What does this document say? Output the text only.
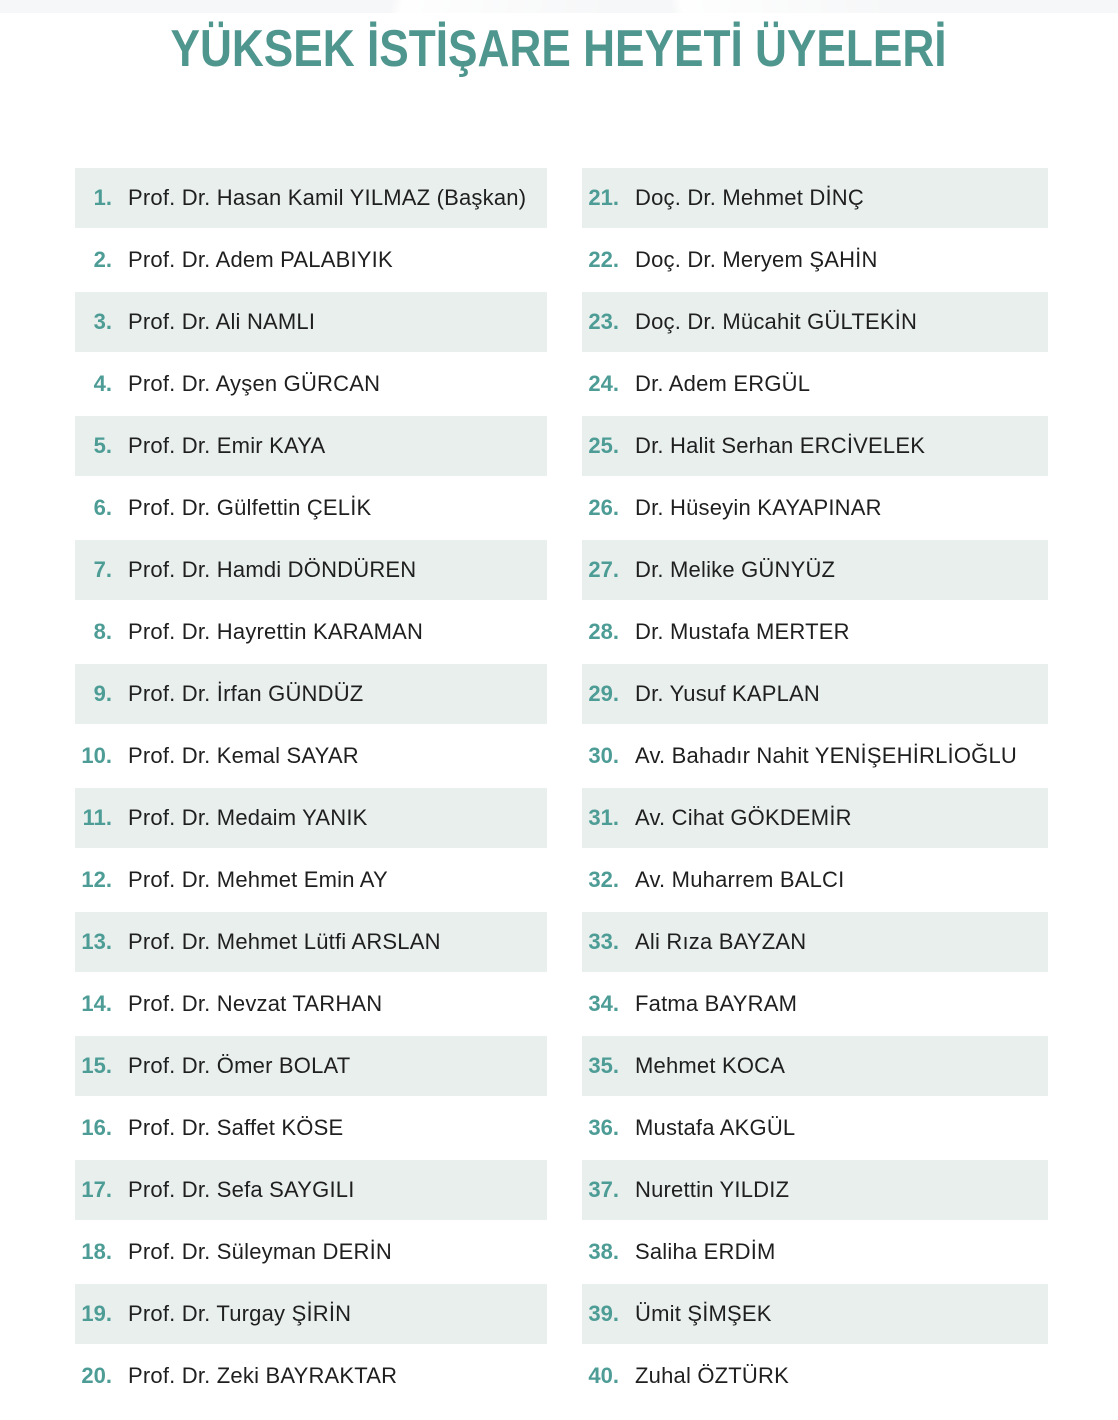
YÜKSEK İSTİŞARE HEYETİ ÜYELERİ
1. Prof. Dr. Hasan Kamil YILMAZ (Başkan)
2. Prof. Dr. Adem PALABIYIK
3. Prof. Dr. Ali NAMLI
4. Prof. Dr. Ayşen GÜRCAN
5. Prof. Dr. Emir KAYA
6. Prof. Dr. Gülfettin ÇELİK
7. Prof. Dr. Hamdi DÖNDÜREN
8. Prof. Dr. Hayrettin KARAMAN
9. Prof. Dr. İrfan GÜNDÜZ
10. Prof. Dr. Kemal SAYAR
11. Prof. Dr. Medaim YANIK
12. Prof. Dr. Mehmet Emin AY
13. Prof. Dr. Mehmet Lütfi ARSLAN
14. Prof. Dr. Nevzat TARHAN
15. Prof. Dr. Ömer BOLAT
16. Prof. Dr. Saffet KÖSE
17. Prof. Dr. Sefa SAYGILI
18. Prof. Dr. Süleyman DERİN
19. Prof. Dr. Turgay ŞİRİN
20. Prof. Dr. Zeki BAYRAKTAR
21. Doç. Dr. Mehmet DİNÇ
22. Doç. Dr. Meryem ŞAHİN
23. Doç. Dr. Mücahit GÜLTEKİN
24. Dr. Adem ERGÜL
25. Dr. Halit Serhan ERCİVELEK
26. Dr. Hüseyin KAYAPINAR
27. Dr. Melike GÜNYÜZ
28. Dr. Mustafa MERTER
29. Dr. Yusuf KAPLAN
30. Av. Bahadır Nahit YENİŞEHİRLİOĞLU
31. Av. Cihat GÖKDEMİR
32. Av. Muharrem BALCI
33. Ali Rıza BAYZAN
34. Fatma BAYRAM
35. Mehmet KOCA
36. Mustafa AKGÜL
37. Nurettin YILDIZ
38. Saliha ERDİM
39. Ümit ŞİMŞEK
40. Zuhal ÖZTÜRK
